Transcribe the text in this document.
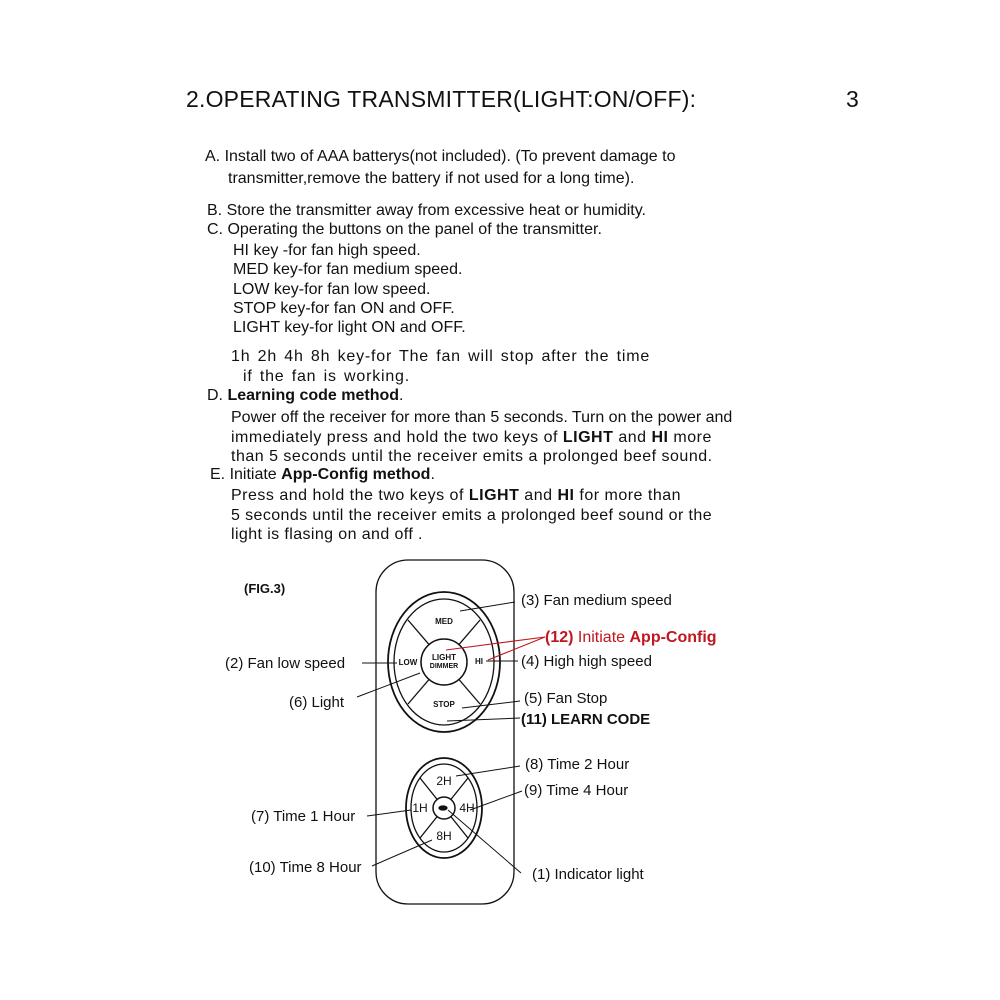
2.OPERATING TRANSMITTER(LIGHT:ON/OFF):	3
A. Install two of AAA batterys(not included). (To prevent damage to
transmitter,remove the battery if not used for a long time).
B. Store the transmitter away from excessive heat or humidity.
C. Operating the buttons on the panel of the transmitter.
HI key -for fan high speed.
MED key-for fan medium speed.
LOW key-for fan low speed.
STOP key-for fan ON and OFF.
LIGHT key-for light ON and OFF.
1h 2h 4h 8h key-for The fan will stop after the time
if the fan is working.
D. Learning code method.
Power off the receiver for more than 5 seconds. Turn on the power and
immediately press and hold the two keys of LIGHT and HI more
than 5 seconds until the receiver emits a prolonged beef sound.
E. Initiate App-Config method.
Press and hold the two keys of LIGHT and HI for more than
5 seconds until the receiver emits a prolonged beef sound or the
light is flasing on and off .
MED
LOW	HI
STOP
LIGHT
DIMMER
2H
1H	4H
8H
(FIG.3)
(3) Fan medium speed
(12) Initiate App-Config
(2) Fan low speed	(4) High high speed
(6) Light	(5) Fan Stop
(11) LEARN CODE
(8) Time 2 Hour
(9) Time 4 Hour
(7) Time 1 Hour
(10) Time 8 Hour	(1) Indicator light
